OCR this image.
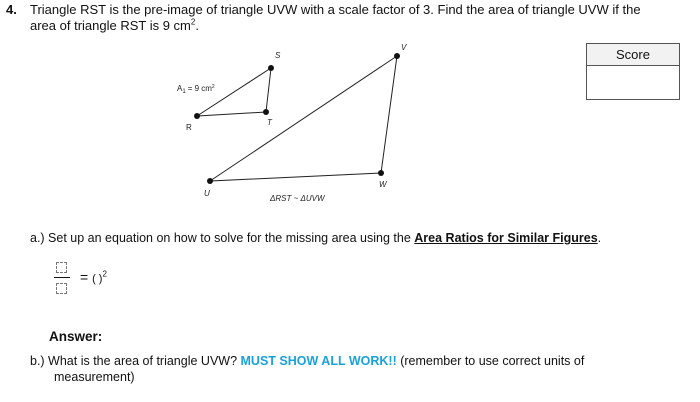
4. Triangle RST is the pre-image of triangle UVW with a scale factor of 3. Find the area of triangle UVW if the
area of triangle RST is 9 $cm^2$.
Score
S
T
R
U
V
W
$A_1 = 9$ $cm^2$
ΔRST ~ ΔUVW
a.) Set up an equation on how to solve for the missing area using the Area Ratios for Similar Figures.
= ( )$^2$
Answer:
b.) What is the area of triangle UVW? MUST SHOW ALL WORK!! (remember to use correct units of
measurement)
